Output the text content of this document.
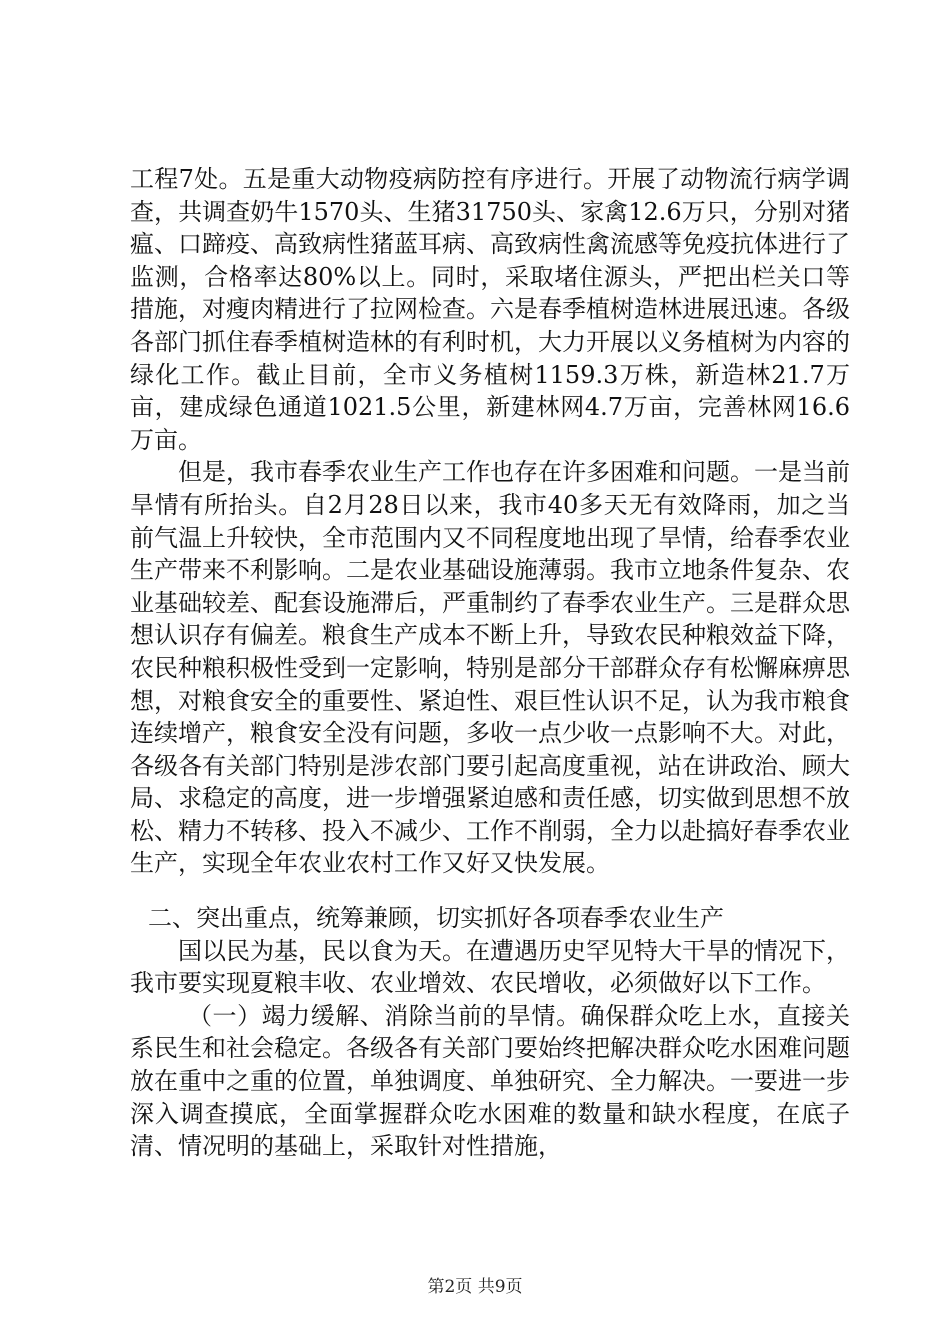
工程7处。五是重大动物疫病防控有序进行。开展了动物流行病学调查，共调查奶牛1570头、生猪31750头、家禽12.6万只，分别对猪瘟、口蹄疫、高致病性猪蓝耳病、高致病性禽流感等免疫抗体进行了监测，合格率达80%以上。同时，采取堵住源头，严把出栏关口等措施，对瘦肉精进行了拉网检查。六是春季植树造林进展迅速。各级各部门抓住春季植树造林的有利时机，大力开展以义务植树为内容的绿化工作。截止目前，全市义务植树1159.3万株，新造林21.7万亩，建成绿色通道1021.5公里，新建林网4.7万亩，完善林网16.6万亩。

但是，我市春季农业生产工作也存在许多困难和问题。一是当前旱情有所抬头。自2月28日以来，我市40多天无有效降雨，加之当前气温上升较快，全市范围内又不同程度地出现了旱情，给春季农业生产带来不利影响。二是农业基础设施薄弱。我市立地条件复杂、农业基础较差、配套设施滞后，严重制约了春季农业生产。三是群众思想认识存有偏差。粮食生产成本不断上升，导致农民种粮效益下降，农民种粮积极性受到一定影响，特别是部分干部群众存有松懈麻痹思想，对粮食安全的重要性、紧迫性、艰巨性认识不足，认为我市粮食连续增产，粮食安全没有问题，多收一点少收一点影响不大。对此，各级各有关部门特别是涉农部门要引起高度重视，站在讲政治、顾大局、求稳定的高度，进一步增强紧迫感和责任感，切实做到思想不放松、精力不转移、投入不减少、工作不削弱，全力以赴搞好春季农业生产，实现全年农业农村工作又好又快发展。

二、突出重点，统筹兼顾，切实抓好各项春季农业生产

国以民为基，民以食为天。在遭遇历史罕见特大干旱的情况下，我市要实现夏粮丰收、农业增效、农民增收，必须做好以下工作。

（一）竭力缓解、消除当前的旱情。确保群众吃上水，直接关系民生和社会稳定。各级各有关部门要始终把解决群众吃水困难问题放在重中之重的位置，单独调度、单独研究、全力解决。一要进一步深入调查摸底，全面掌握群众吃水困难的数量和缺水程度，在底子清、情况明的基础上，采取针对性措施，

第2页 共9页
